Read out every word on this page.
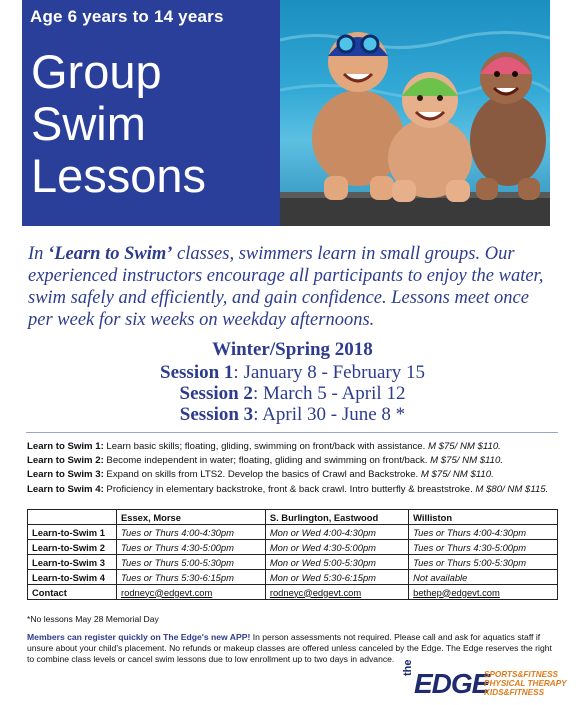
Age 6 years to 14 years
Group
Swim
Lessons
In ‘Learn to Swim’ classes, swimmers learn in small groups. Our experienced instructors encourage all participants to enjoy the water, swim safely and efficiently, and gain confidence. Lessons meet once per week for six weeks on weekday afternoons.
Winter/Spring 2018
Session 1: January 8 - February 15
Session 2: March 5 - April 12
Session 3: April 30 - June 8 *
Learn to Swim 1: Learn basic skills; floating, gliding, swimming on front/back with assistance. M $75/ NM $110.
Learn to Swim 2: Become independent in water; floating, gliding and swimming on front/back. M $75/ NM $110.
Learn to Swim 3: Expand on skills from LTS2. Develop the basics of Crawl and Backstroke. M $75/ NM $110.
Learn to Swim 4: Proficiency in elementary backstroke, front & back crawl. Intro butterfly & breaststroke. M $80/ NM $115.
	Essex, Morse	S. Burlington, Eastwood	Williston
Learn-to-Swim 1	Tues or Thurs 4:00-4:30pm	Mon or Wed 4:00-4:30pm	Tues or Thurs 4:00-4:30pm
Learn-to-Swim 2	Tues or Thurs 4:30-5:00pm	Mon or Wed 4:30-5:00pm	Tues or Thurs 4:30-5:00pm
Learn-to-Swim 3	Tues or Thurs 5:00-5:30pm	Mon or Wed 5:00-5:30pm	Tues or Thurs 5:00-5:30pm
Learn-to-Swim 4	Tues or Thurs 5:30-6:15pm	Mon or Wed 5:30-6:15pm	Not available
Contact	rodneyc@edgevt.com	rodneyc@edgevt.com	bethep@edgevt.com
*No lessons May 28 Memorial Day
Members can register quickly on The Edge's new APP! In person assessments not required. Please call and ask for aquatics staff if unsure about your child's placement. No refunds or makeup classes are offered unless canceled by the Edge. The Edge reserves the right to combine class levels or cancel swim lessons due to low enrollment up to two days in advance.
the
EDGE
SPORTS&FITNESS
PHYSICAL THERAPY
KIDS&FITNESS
